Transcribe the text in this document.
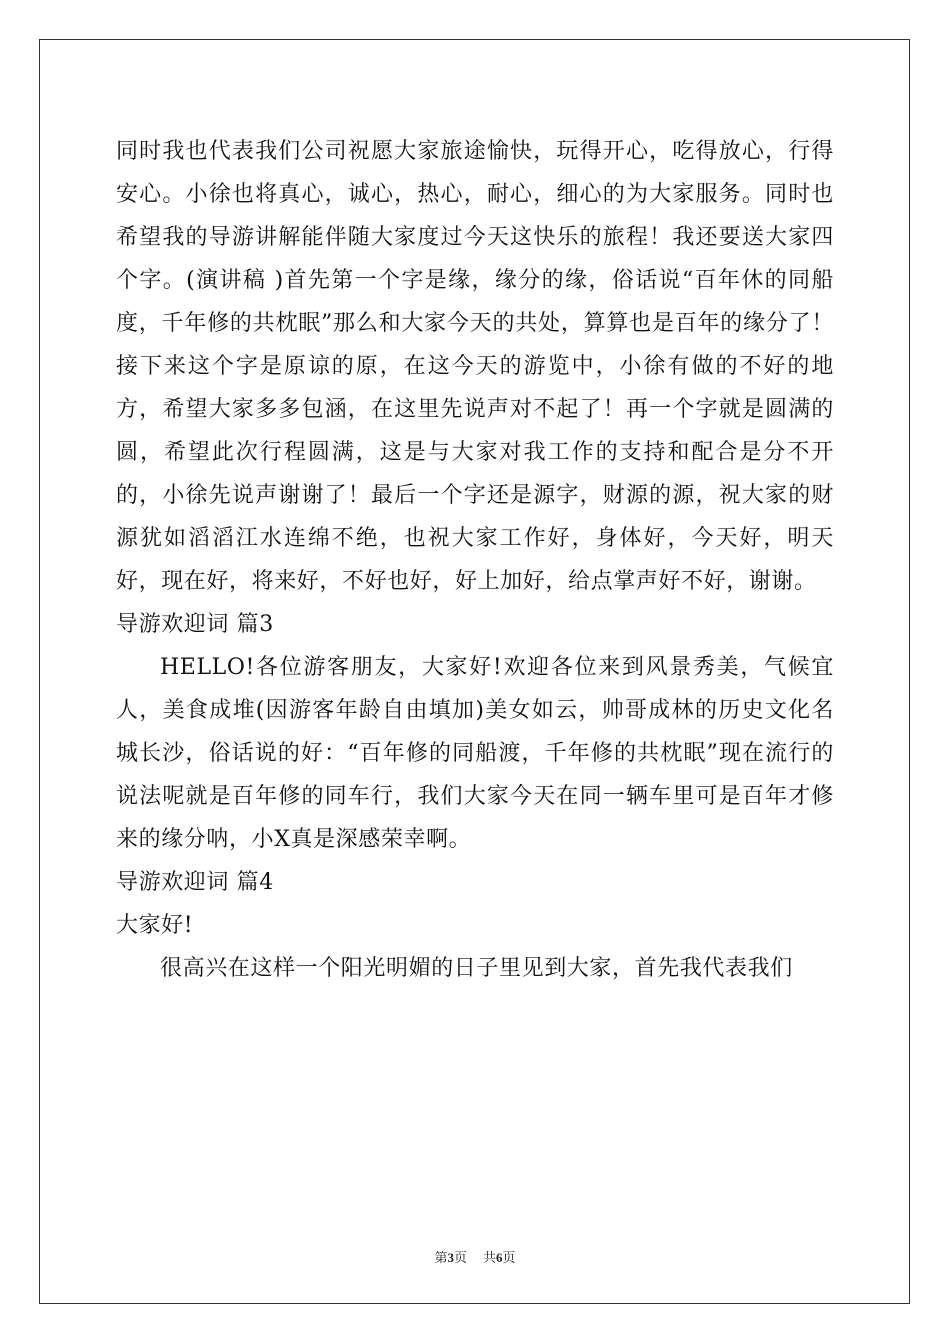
同时我也代表我们公司祝愿大家旅途愉快，玩得开心，吃得放心，行得安心。小徐也将真心，诚心，热心，耐心，细心的为大家服务。同时也希望我的导游讲解能伴随大家度过今天这快乐的旅程！我还要送大家四个字。(演讲稿 )首先第一个字是缘，缘分的缘，俗话说“百年休的同船度，千年修的共枕眠”那么和大家今天的共处，算算也是百年的缘分了！接下来这个字是原谅的原，在这今天的游览中，小徐有做的不好的地方，希望大家多多包涵，在这里先说声对不起了！再一个字就是圆满的圆，希望此次行程圆满，这是与大家对我工作的支持和配合是分不开的，小徐先说声谢谢了！最后一个字还是源字，财源的源，祝大家的财源犹如滔滔江水连绵不绝，也祝大家工作好，身体好，今天好，明天好，现在好，将来好，不好也好，好上加好，给点掌声好不好，谢谢。

导游欢迎词 篇3

HELLO!各位游客朋友，大家好!欢迎各位来到风景秀美，气候宜人，美食成堆(因游客年龄自由填加)美女如云，帅哥成林的历史文化名城长沙，俗话说的好：“百年修的同船渡，千年修的共枕眠”现在流行的说法呢就是百年修的同车行，我们大家今天在同一辆车里可是百年才修来的缘分呐，小X真是深感荣幸啊。

导游欢迎词 篇4

大家好!

很高兴在这样一个阳光明媚的日子里见到大家，首先我代表我们

第3页 共6页
